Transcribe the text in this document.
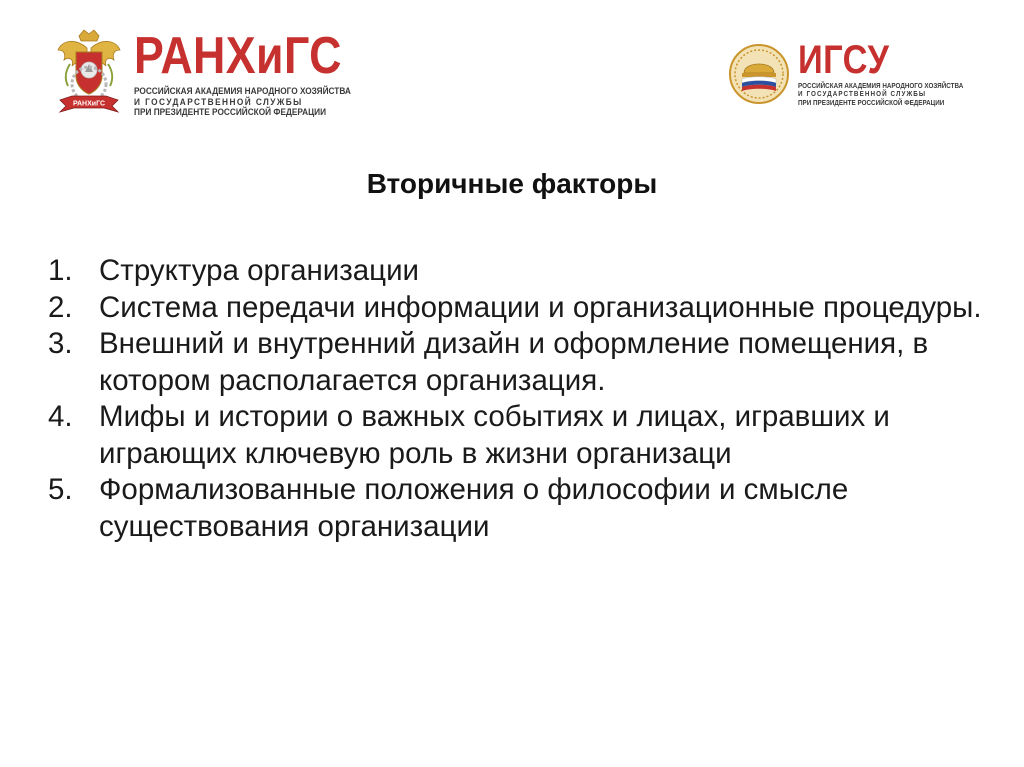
РАНХиГС
РАНХиГС
РОССИЙСКАЯ АКАДЕМИЯ НАРОДНОГО ХОЗЯЙСТВА
И ГОСУДАРСТВЕННОЙ СЛУЖБЫ
ПРИ ПРЕЗИДЕНТЕ РОССИЙСКОЙ ФЕДЕРАЦИИ
ИГСУ
РОССИЙСКАЯ АКАДЕМИЯ НАРОДНОГО ХОЗЯЙСТВА
И ГОСУДАРСТВЕННОЙ СЛУЖБЫ
ПРИ ПРЕЗИДЕНТЕ РОССИЙСКОЙ ФЕДЕРАЦИИ
Вторичные факторы
1. Структура организации
2. Система передачи информации и организационные процедуры.
3. Внешний и внутренний дизайн и оформление помещения, в котором располагается организация.
4. Мифы и истории о важных событиях и лицах, игравших и играющих ключевую роль в жизни организаци
5. Формализованные положения о философии и смысле существования организации
